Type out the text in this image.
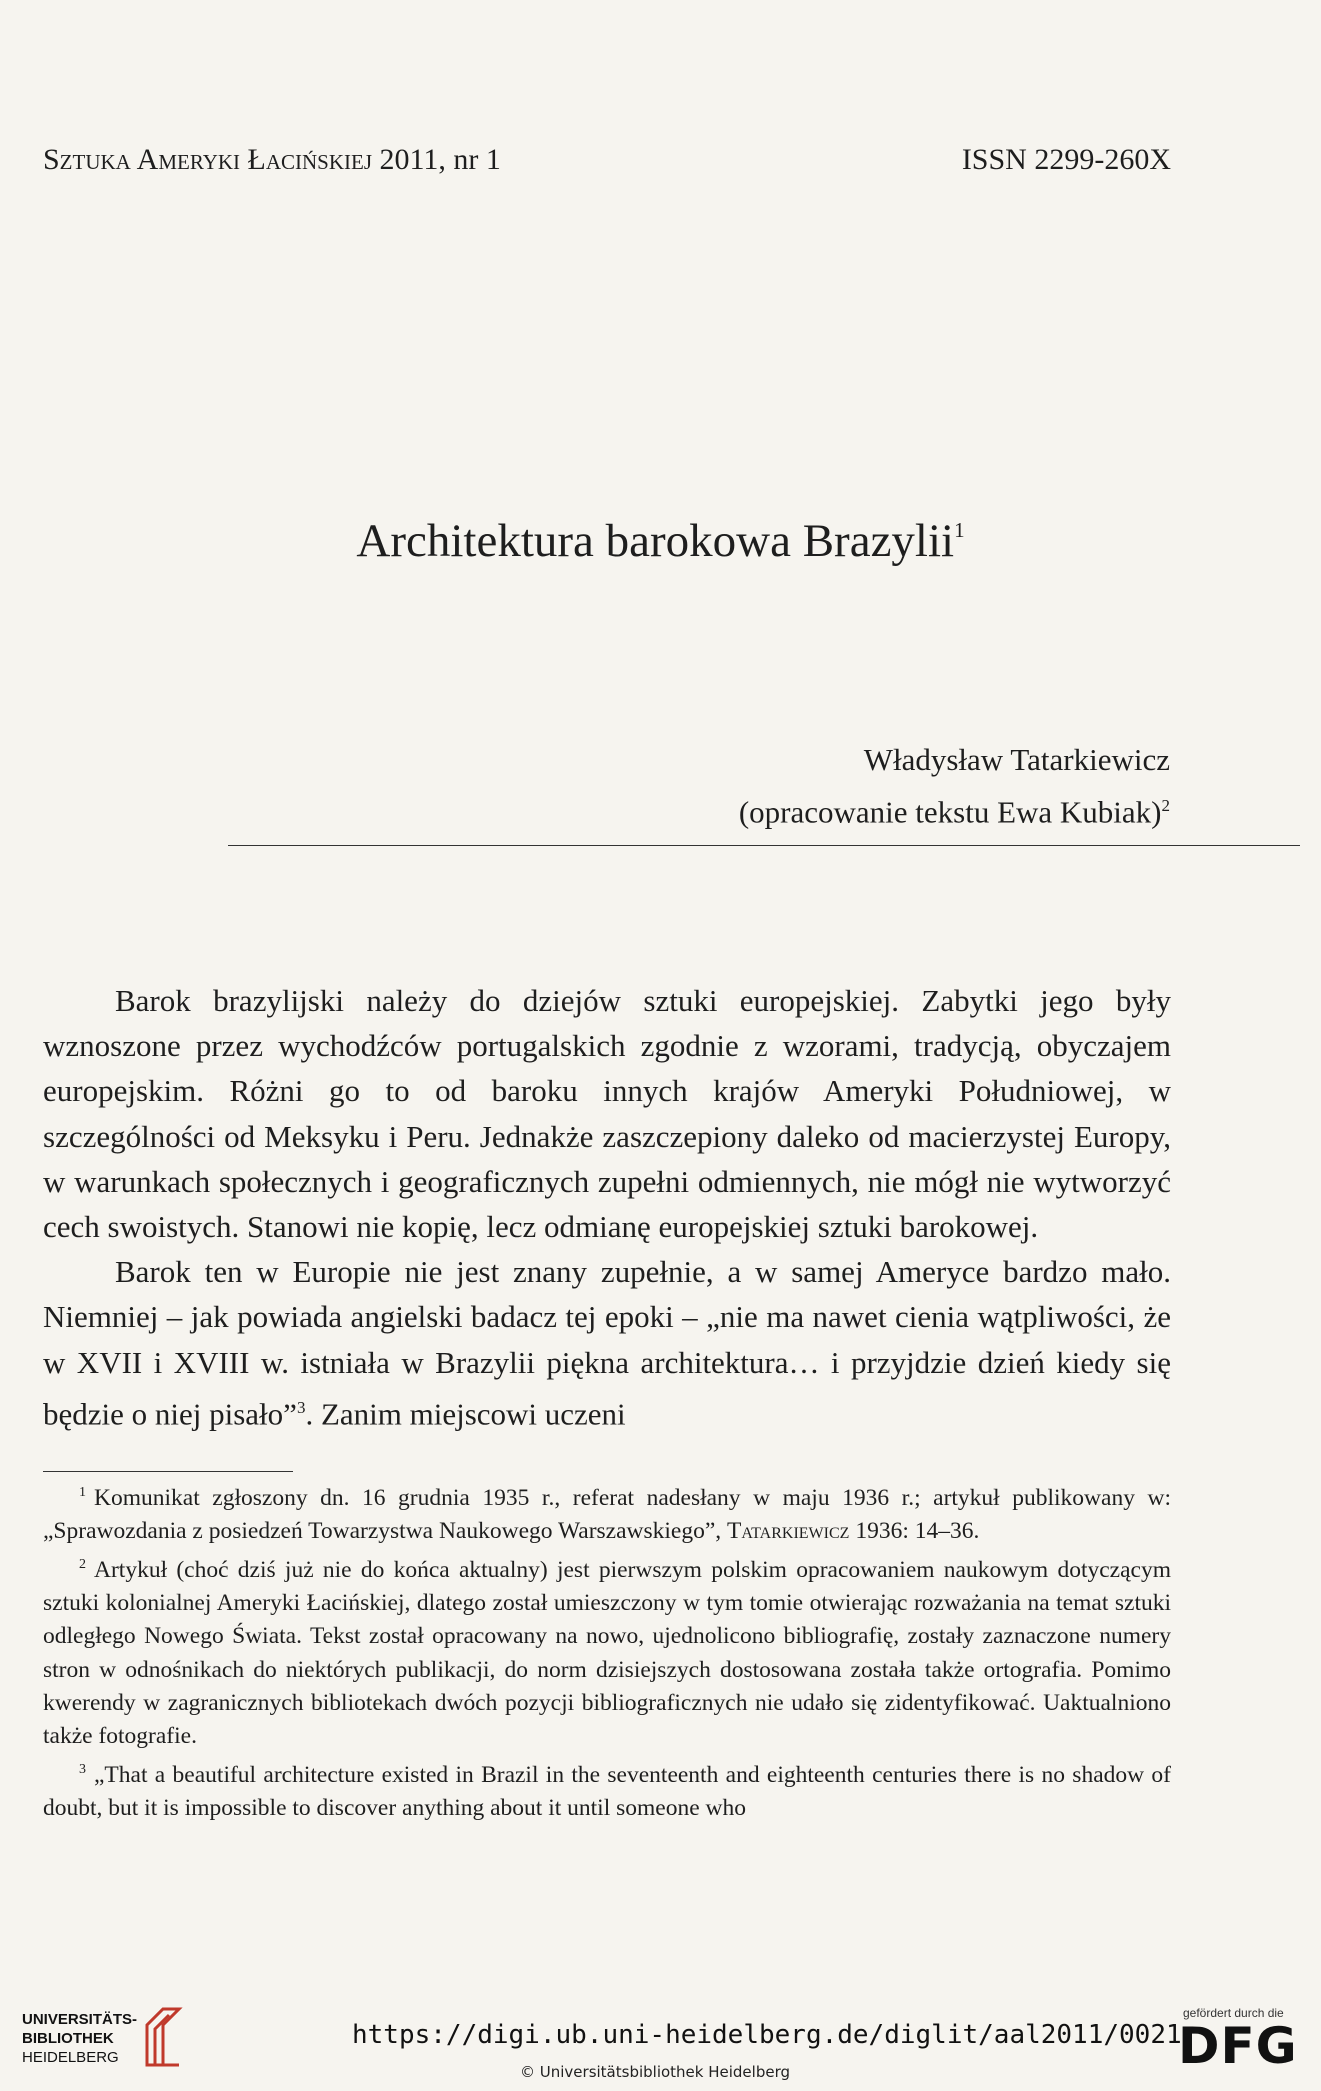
Sztuka Ameryki Łacińskiej 2011, nr 1	ISSN 2299-260X
Architektura barokowa Brazylii$^1$
Władysław Tatarkiewicz
(opracowanie tekstu Ewa Kubiak)$^2$

Barok brazylijski należy do dziejów sztuki europejskiej. Zabytki jego były wznoszone przez wychodźców portugalskich zgodnie z wzorami, tradycją, obyczajem europejskim. Różni go to od baroku innych krajów Ameryki Południowej, w szczególności od Meksyku i Peru. Jednakże zaszczepiony daleko od macierzystej Europy, w warunkach społecznych i geograficznych zupełni odmiennych, nie mógł nie wytworzyć cech swoistych. Stanowi nie kopię, lecz odmianę europejskiej sztuki barokowej.

Barok ten w Europie nie jest znany zupełnie, a w samej Ameryce bardzo mało. Niemniej – jak powiada angielski badacz tej epoki – „nie ma nawet cienia wątpliwości, że w XVII i XVIII w. istniała w Brazylii piękna architektura… i przyjdzie dzień kiedy się będzie o niej pisało”$^3$. Zanim miejscowi uczeni

$^1$ Komunikat zgłoszony dn. 16 grudnia 1935 r., referat nadesłany w maju 1936 r.; artykuł publikowany w: „Sprawozdania z posiedzeń Towarzystwa Naukowego Warszawskiego”, Tatarkiewicz 1936: 14–36.

$^2$ Artykuł (choć dziś już nie do końca aktualny) jest pierwszym polskim opracowaniem naukowym dotyczącym sztuki kolonialnej Ameryki Łacińskiej, dlatego został umieszczony w tym tomie otwierając rozważania na temat sztuki odległego Nowego Świata. Tekst został opracowany na nowo, ujednolicono bibliografię, zostały zaznaczone numery stron w odnośnikach do niektórych publikacji, do norm dzisiejszych dostosowana została także ortografia. Pomimo kwerendy w zagranicznych bibliotekach dwóch pozycji bibliograficznych nie udało się zidentyfikować. Uaktualniono także fotografie.

$^3$ „That a beautiful architecture existed in Brazil in the seventeenth and eighteenth centuries there is no shadow of doubt, but it is impossible to discover anything about it until someone who

UNIVERSITÄTS-
BIBLIOTHEK
HEIDELBERG
https://digi.ub.uni-heidelberg.de/diglit/aal2011/0021
© Universitätsbibliothek Heidelberg
gefördert durch die
DFG
